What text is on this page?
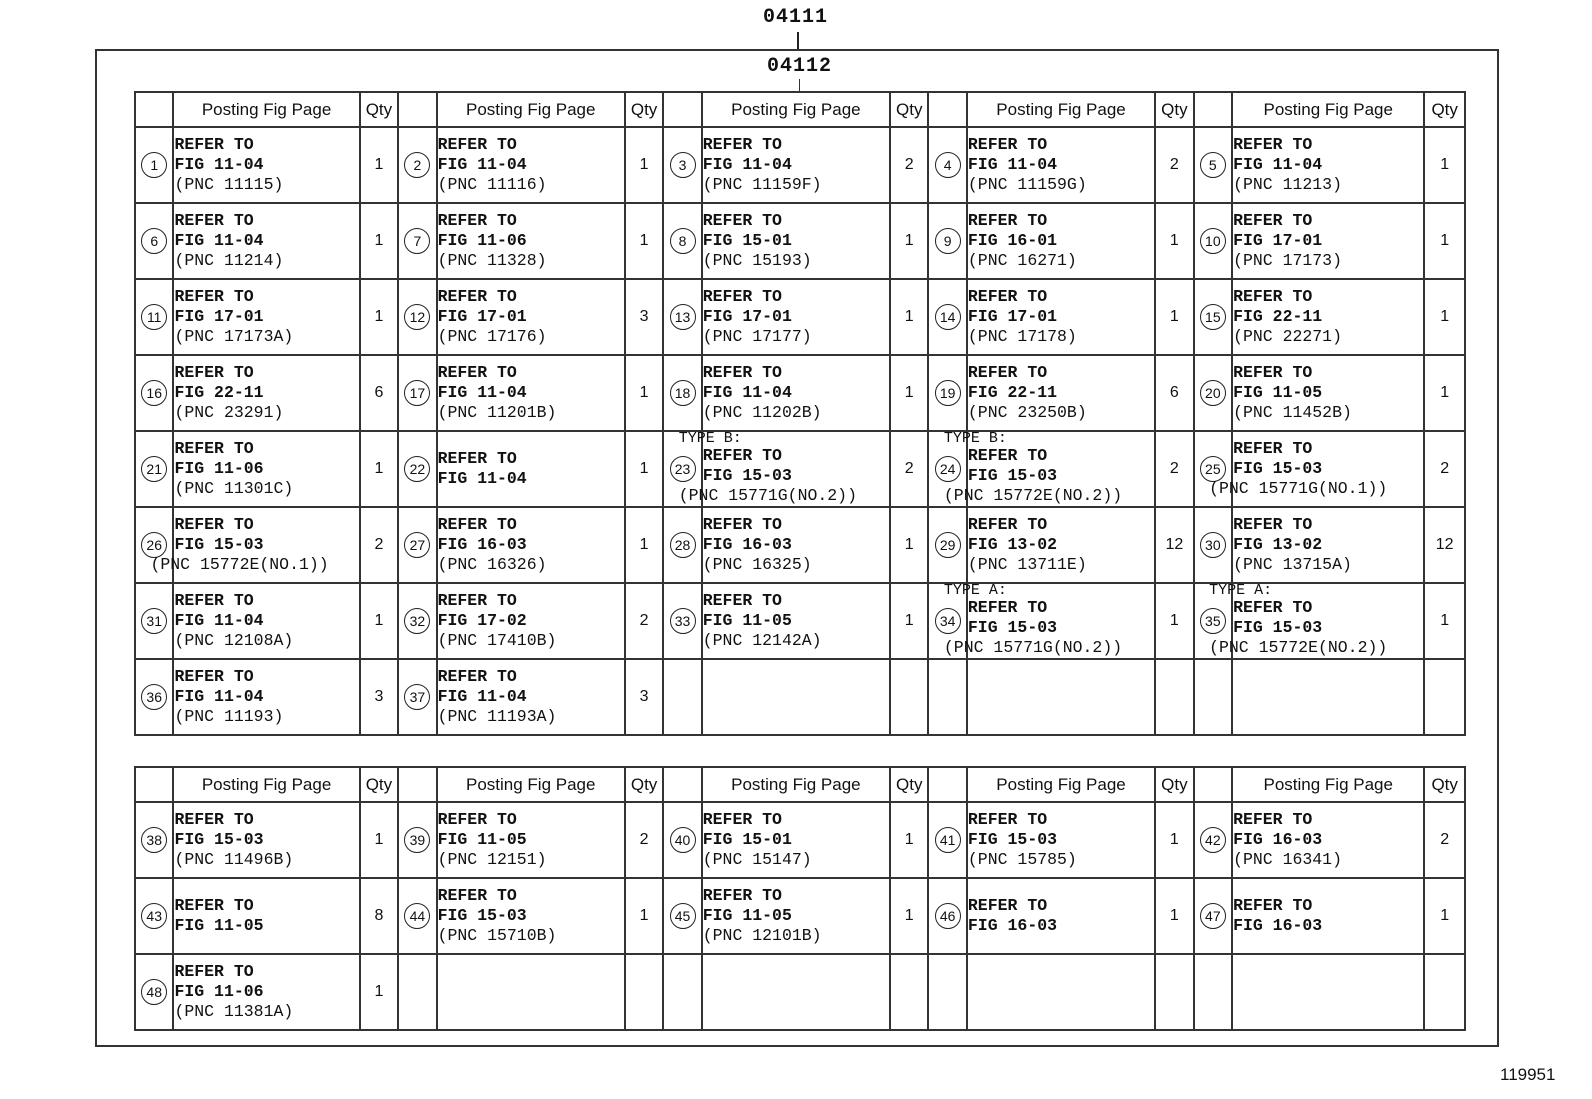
04111
04112
	Posting Fig Page	Qty		Posting Fig Page	Qty		Posting Fig Page	Qty		Posting Fig Page	Qty		Posting Fig Page	Qty
1	REFER TO
FIG 11-04
(PNC 11115)	1	2	REFER TO
FIG 11-04
(PNC 11116)	1	3	REFER TO
FIG 11-04
(PNC 11159F)	2	4	REFER TO
FIG 11-04
(PNC 11159G)	2	5	REFER TO
FIG 11-04
(PNC 11213)	1
6	REFER TO
FIG 11-04
(PNC 11214)	1	7	REFER TO
FIG 11-06
(PNC 11328)	1	8	REFER TO
FIG 15-01
(PNC 15193)	1	9	REFER TO
FIG 16-01
(PNC 16271)	1	10	REFER TO
FIG 17-01
(PNC 17173)	1
11	REFER TO
FIG 17-01
(PNC 17173A)	1	12	REFER TO
FIG 17-01
(PNC 17176)	3	13	REFER TO
FIG 17-01
(PNC 17177)	1	14	REFER TO
FIG 17-01
(PNC 17178)	1	15	REFER TO
FIG 22-11
(PNC 22271)	1
16	REFER TO
FIG 22-11
(PNC 23291)	6	17	REFER TO
FIG 11-04
(PNC 11201B)	1	18	REFER TO
FIG 11-04
(PNC 11202B)	1	19	REFER TO
FIG 22-11
(PNC 23250B)	6	20	REFER TO
FIG 11-05
(PNC 11452B)	1
21	REFER TO
FIG 11-06
(PNC 11301C)	1	22	REFER TO
FIG 11-04	1	23	TYPE B:
REFER TO
FIG 15-03
(PNC 15771G(NO.2))	2	24	TYPE B:
REFER TO
FIG 15-03
(PNC 15772E(NO.2))	2	25	REFER TO
FIG 15-03
(PNC 15771G(NO.1))	2
26	REFER TO
FIG 15-03
(PNC 15772E(NO.1))	2	27	REFER TO
FIG 16-03
(PNC 16326)	1	28	REFER TO
FIG 16-03
(PNC 16325)	1	29	REFER TO
FIG 13-02
(PNC 13711E)	12	30	REFER TO
FIG 13-02
(PNC 13715A)	12
31	REFER TO
FIG 11-04
(PNC 12108A)	1	32	REFER TO
FIG 17-02
(PNC 17410B)	2	33	REFER TO
FIG 11-05
(PNC 12142A)	1	34	TYPE A:
REFER TO
FIG 15-03
(PNC 15771G(NO.2))	1	35	TYPE A:
REFER TO
FIG 15-03
(PNC 15772E(NO.2))	1
36	REFER TO
FIG 11-04
(PNC 11193)	3	37	REFER TO
FIG 11-04
(PNC 11193A)	3									
	Posting Fig Page	Qty		Posting Fig Page	Qty		Posting Fig Page	Qty		Posting Fig Page	Qty		Posting Fig Page	Qty
38	REFER TO
FIG 15-03
(PNC 11496B)	1	39	REFER TO
FIG 11-05
(PNC 12151)	2	40	REFER TO
FIG 15-01
(PNC 15147)	1	41	REFER TO
FIG 15-03
(PNC 15785)	1	42	REFER TO
FIG 16-03
(PNC 16341)	2
43	REFER TO
FIG 11-05	8	44	REFER TO
FIG 15-03
(PNC 15710B)	1	45	REFER TO
FIG 11-05
(PNC 12101B)	1	46	REFER TO
FIG 16-03	1	47	REFER TO
FIG 16-03	1
48	REFER TO
FIG 11-06
(PNC 11381A)	1												
119951
